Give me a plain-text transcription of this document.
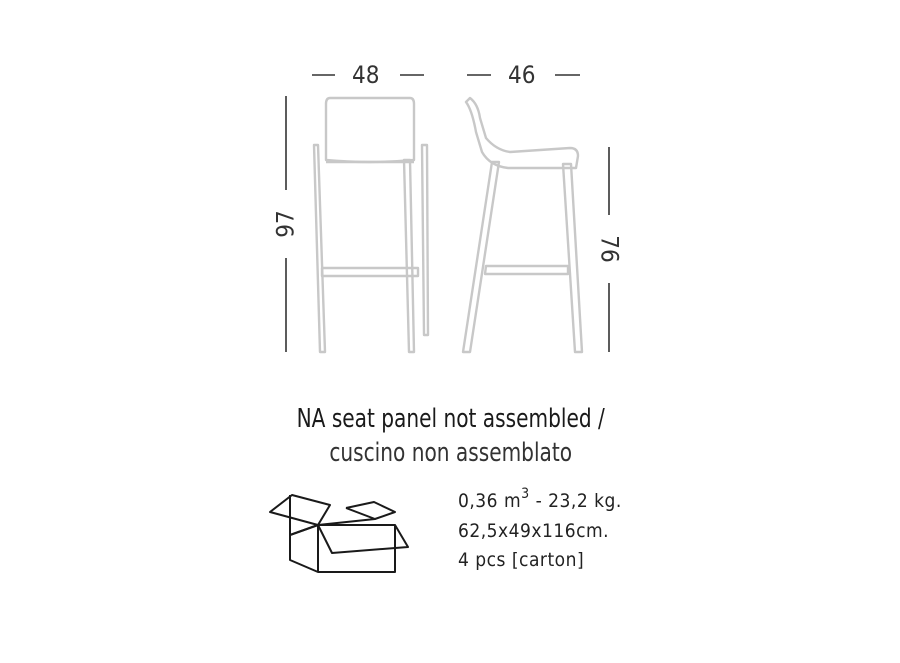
48	46
97
76
NA seat panel not assembled /
cuscino non assemblato
0,36 $m^3 - 23,2$ kg.
62,5x49x116cm.
4 pcs [carton]
